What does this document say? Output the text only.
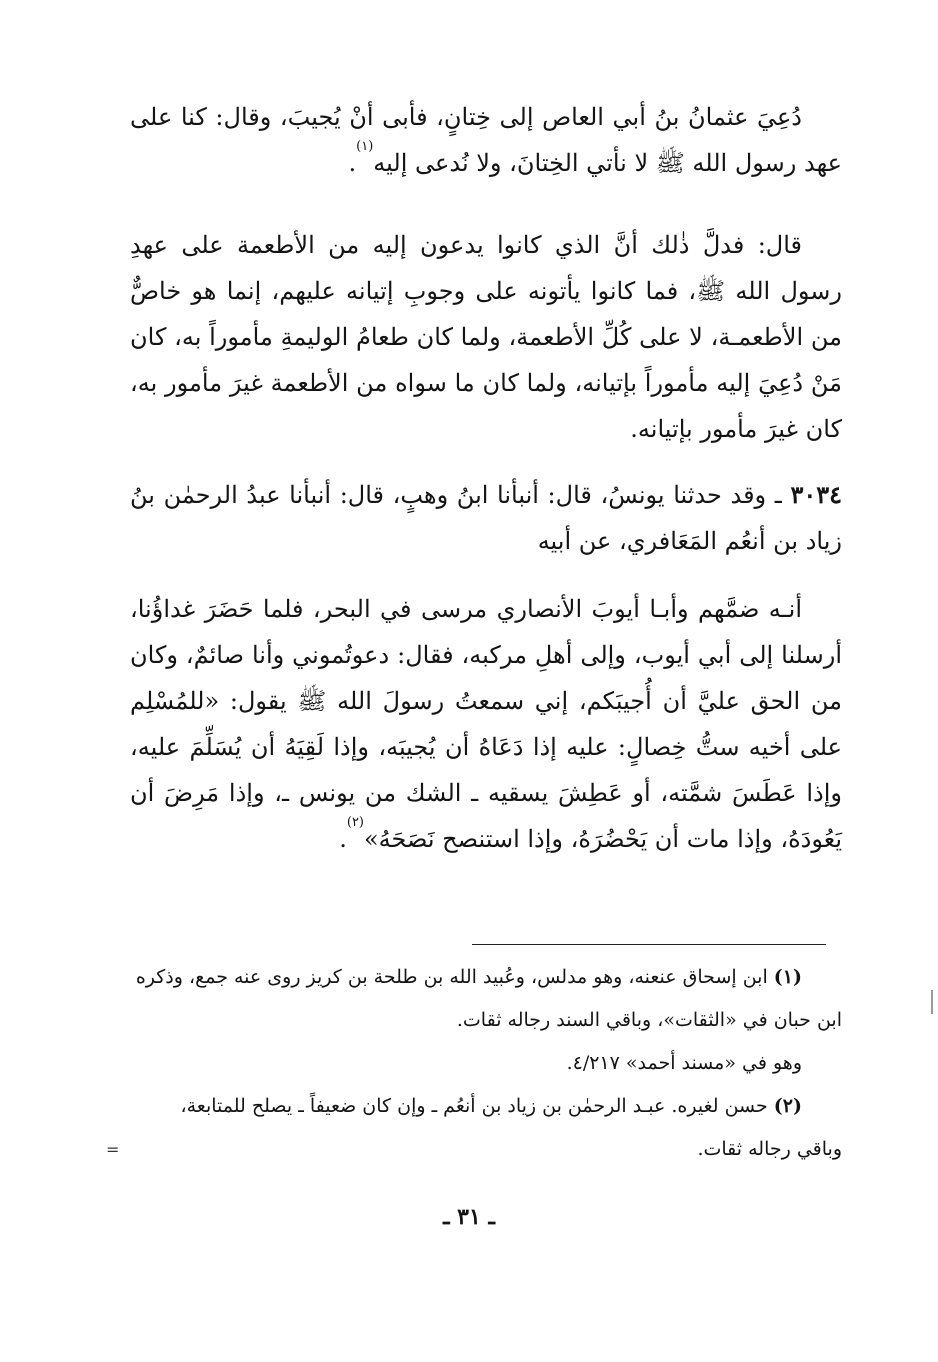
دُعِيَ عثمانُ بنُ أبي العاص إلى خِتانٍ، فأبى أنْ يُجيبَ، وقال: كنا على عهد رسول الله ﷺ لا نأتي الخِتانَ، ولا نُدعى إليه$^{(١)}$.

قال: فدلَّ ذٰلك أنَّ الذي كانوا يدعون إليه من الأطعمة على عهدِ رسول الله ﷺ، فما كانوا يأتونه على وجوبِ إتيانه عليهم، إنما هو خاصٌّ من الأطعمـة، لا على كُلِّ الأطعمة، ولما كان طعامُ الوليمةِ مأموراً به، كان مَنْ دُعِيَ إليه مأموراً بإتيانه، ولما كان ما سواه من الأطعمة غيرَ مأمور به، كان غيرَ مأمور بإتيانه.

٣٠٣٤ ـ وقد حدثنا يونسُ، قال: أنبأنا ابنُ وهبٍ، قال: أنبأنا عبدُ الرحمٰن بنُ زياد بن أنعُم المَعَافري، عن أبيه

أنـه ضمَّهم وأبـا أيوبَ الأنصاري مرسى في البحر، فلما حَضَرَ غداؤُنا، أرسلنا إلى أبي أيوب، وإلى أهلِ مركبه، فقال: دعوتُموني وأنا صائمٌ، وكان من الحق عليَّ أن أُجيبَكم، إني سمعتُ رسولَ الله ﷺ يقول: «للمُسْلِم على أخيه ستُّ خِصالٍ: عليه إذا دَعَاهُ أن يُجيبَه، وإذا لَقِيَهُ أن يُسَلِّمَ عليه، وإذا عَطَسَ شمَّته، أو عَطِشَ يسقيه ـ الشك من يونس ـ، وإذا مَرِضَ أن يَعُودَهُ، وإذا مات أن يَحْضُرَهُ، وإذا استنصح نَصَحَهُ»$^{(٢)}$.

(١) ابن إسحاق عنعنه، وهو مدلس، وعُبيد الله بن طلحة بن كريز روى عنه جمع، وذكره ابن حبان في «الثقات»، وباقي السند رجاله ثقات.

وهو في «مسند أحمد» ٤/٢١٧.

(٢) حسن لغيره. عبـد الرحمٰن بن زياد بن أنعُم ـ وإن كان ضعيفاً ـ يصلح للمتابعة، وباقي رجاله ثقات.

=
ـ ٣١ ـ
